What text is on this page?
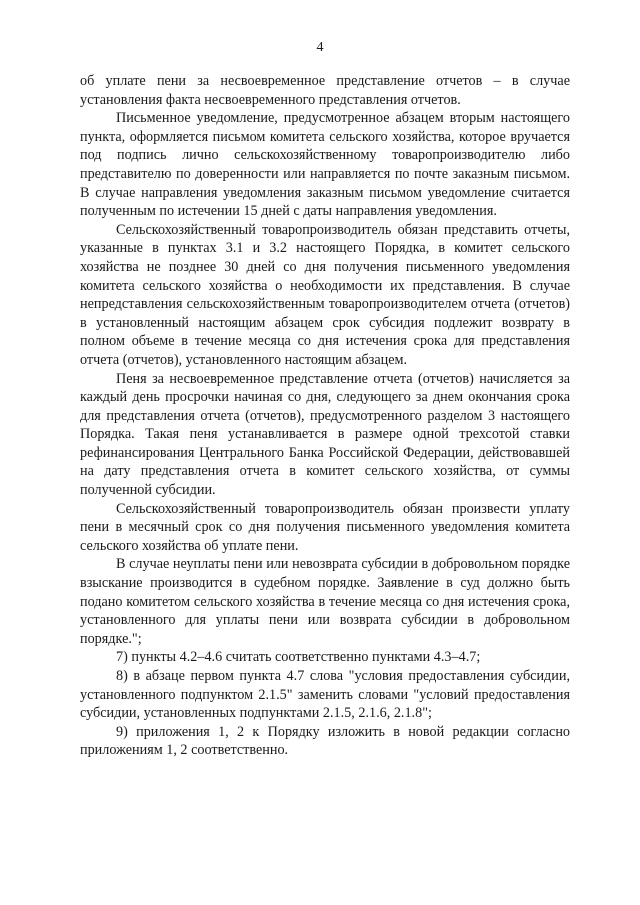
4

об уплате пени за несвоевременное представление отчетов – в случае установления факта несвоевременного представления отчетов.

Письменное уведомление, предусмотренное абзацем вторым настоящего пункта, оформляется письмом комитета сельского хозяйства, которое вручается под подпись лично сельскохозяйственному товаропроизводителю либо представителю по доверенности или направляется по почте заказным письмом. В случае направления уведомления заказным письмом уведомление считается полученным по истечении 15 дней с даты направления уведомления.

Сельскохозяйственный товаропроизводитель обязан представить отчеты, указанные в пунктах 3.1 и 3.2 настоящего Порядка, в комитет сельского хозяйства не позднее 30 дней со дня получения письменного уведомления комитета сельского хозяйства о необходимости их представления. В случае непредставления сельскохозяйственным товаропроизводителем отчета (отчетов) в установленный настоящим абзацем срок субсидия подлежит возврату в полном объеме в течение месяца со дня истечения срока для представления отчета (отчетов), установленного настоящим абзацем.

Пеня за несвоевременное представление отчета (отчетов) начисляется за каждый день просрочки начиная со дня, следующего за днем окончания срока для представления отчета (отчетов), предусмотренного разделом 3 настоящего Порядка. Такая пеня устанавливается в размере одной трехсотой ставки рефинансирования Центрального Банка Российской Федерации, действовавшей на дату представления отчета в комитет сельского хозяйства, от суммы полученной субсидии.

Сельскохозяйственный товаропроизводитель обязан произвести уплату пени в месячный срок со дня получения письменного уведомления комитета сельского хозяйства об уплате пени.

В случае неуплаты пени или невозврата субсидии в добровольном порядке взыскание производится в судебном порядке. Заявление в суд должно быть подано комитетом сельского хозяйства в течение месяца со дня истечения срока, установленного для уплаты пени или возврата субсидии в добровольном порядке.";

7) пункты 4.2–4.6 считать соответственно пунктами 4.3–4.7;

8) в абзаце первом пункта 4.7 слова "условия предоставления субсидии, установленного подпунктом 2.1.5" заменить словами "условий предоставления субсидии, установленных подпунктами 2.1.5, 2.1.6, 2.1.8";

9) приложения 1, 2 к Порядку изложить в новой редакции согласно приложениям 1, 2 соответственно.
